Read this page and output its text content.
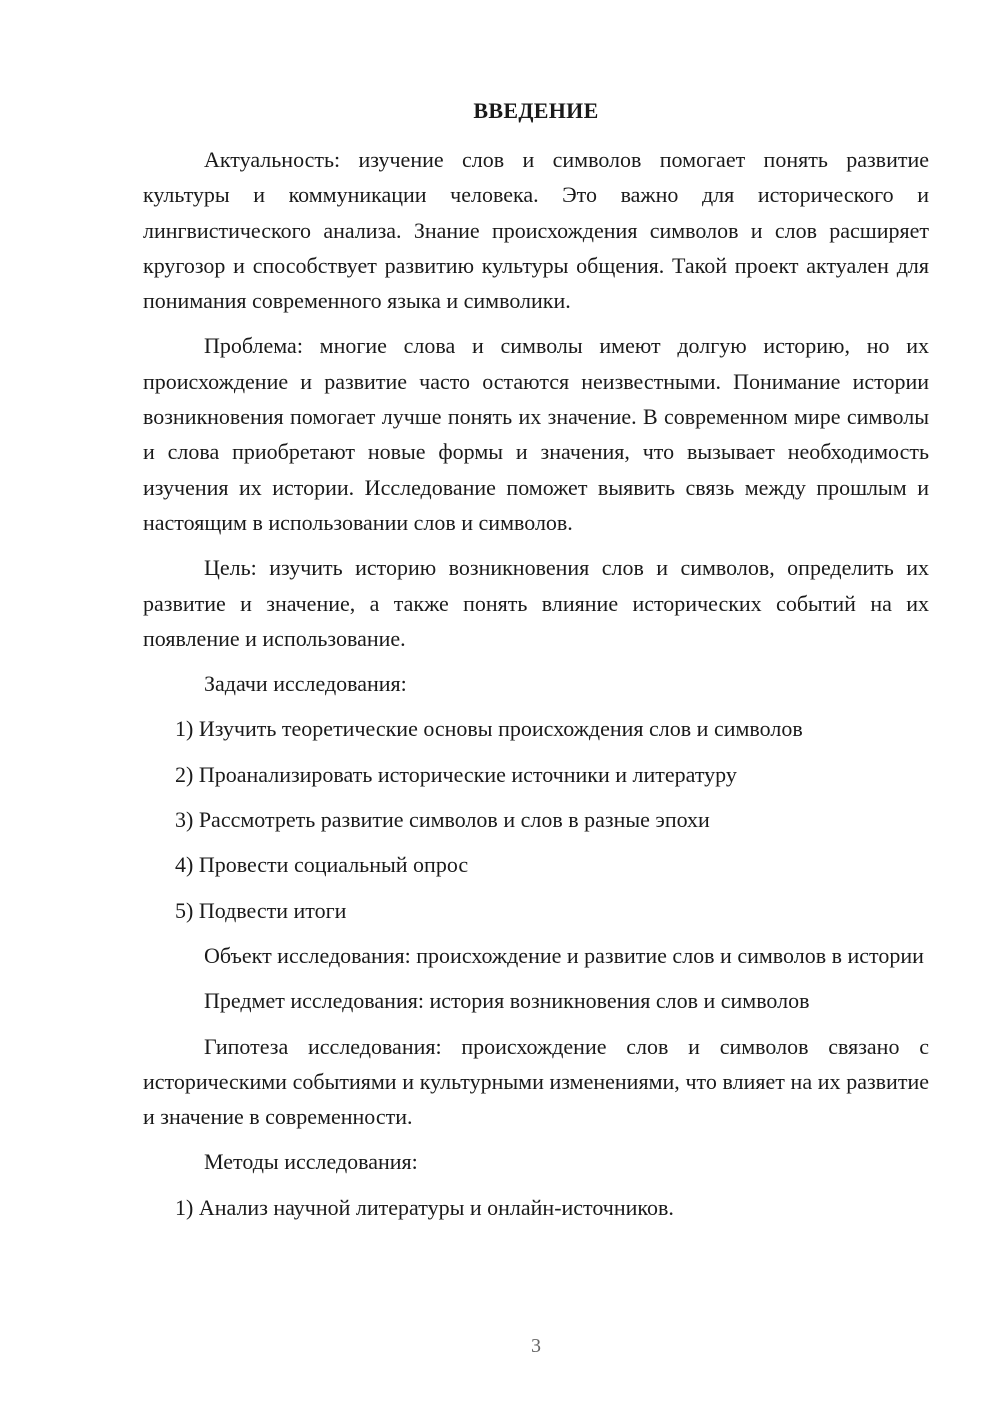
ВВЕДЕНИЕ

Актуальность: изучение слов и символов помогает понять развитие культуры и коммуникации человека. Это важно для исторического и лингвистического анализа. Знание происхождения символов и слов расширяет кругозор и способствует развитию культуры общения. Такой проект актуален для понимания современного языка и символики.

Проблема: многие слова и символы имеют долгую историю, но их происхождение и развитие часто остаются неизвестными. Понимание истории возникновения помогает лучше понять их значение. В современном мире символы и слова приобретают новые формы и значения, что вызывает необходимость изучения их истории. Исследование поможет выявить связь между прошлым и настоящим в использовании слов и символов.

Цель: изучить историю возникновения слов и символов, определить их развитие и значение, а также понять влияние исторических событий на их появление и использование.

Задачи исследования:

1) Изучить теоретические основы происхождения слов и символов

2) Проанализировать исторические источники и литературу

3) Рассмотреть развитие символов и слов в разные эпохи

4) Провести социальный опрос

5) Подвести итоги

Объект исследования: происхождение и развитие слов и символов в истории

Предмет исследования: история возникновения слов и символов

Гипотеза исследования: происхождение слов и символов связано с историческими событиями и культурными изменениями, что влияет на их развитие и значение в современности.

Методы исследования:

1) Анализ научной литературы и онлайн-источников.

3
